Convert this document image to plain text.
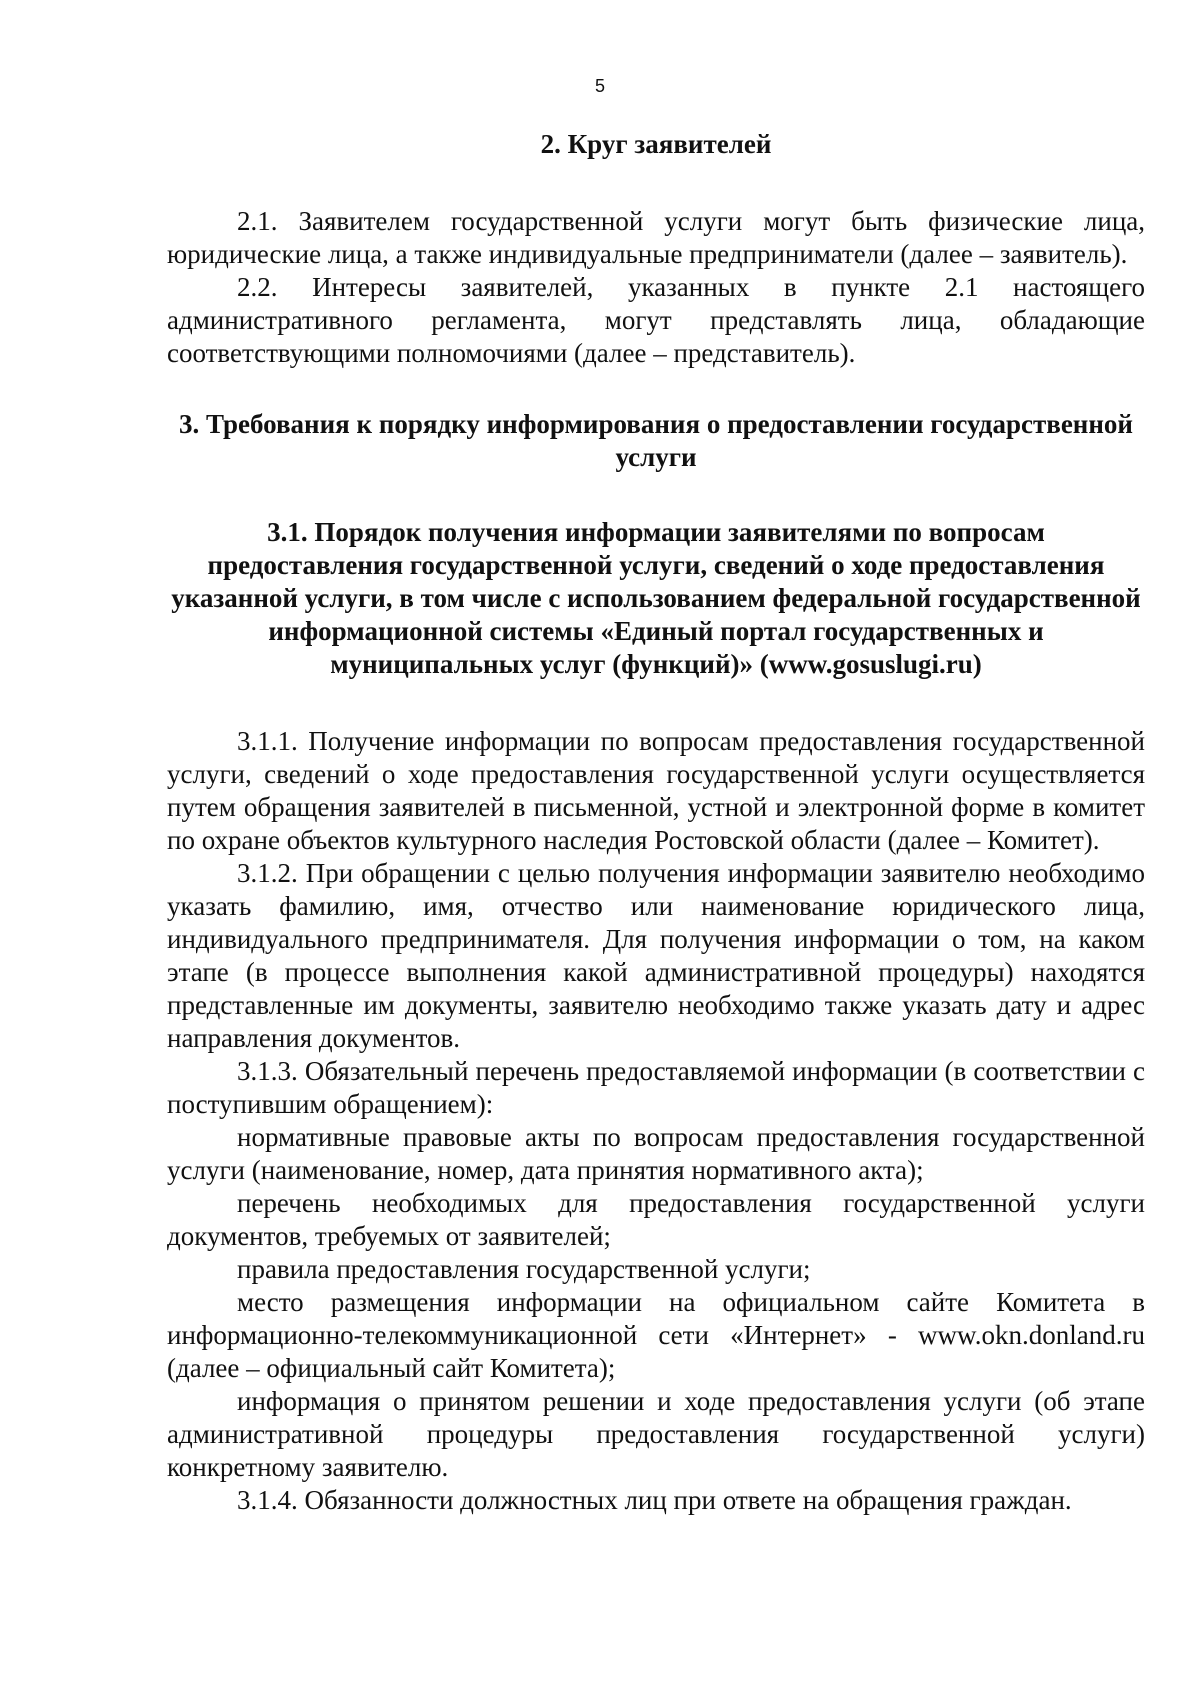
5
2. Круг заявителей

2.1. Заявителем государственной услуги могут быть физические лица, юридические лица, а также индивидуальные предприниматели (далее – заявитель).

2.2. Интересы заявителей, указанных в пункте 2.1 настоящего административного регламента, могут представлять лица, обладающие соответствующими полномочиями (далее – представитель).

3. Требования к порядку информирования о предоставлении государственной услуги
3.1. Порядок получения информации заявителями по вопросам предоставления государственной услуги, сведений о ходе предоставления указанной услуги, в том числе с использованием федеральной государственной информационной системы «Единый портал государственных и муниципальных услуг (функций)» (www.gosuslugi.ru)

3.1.1. Получение информации по вопросам предоставления государственной услуги, сведений о ходе предоставления государственной услуги осуществляется путем обращения заявителей в письменной, устной и электронной форме в комитет по охране объектов культурного наследия Ростовской области (далее – Комитет).

3.1.2. При обращении с целью получения информации заявителю необходимо указать фамилию, имя, отчество или наименование юридического лица, индивидуального предпринимателя. Для получения информации о том, на каком этапе (в процессе выполнения какой административной процедуры) находятся представленные им документы, заявителю необходимо также указать дату и адрес направления документов.

3.1.3. Обязательный перечень предоставляемой информации (в соответствии с поступившим обращением):

нормативные правовые акты по вопросам предоставления государственной услуги (наименование, номер, дата принятия нормативного акта);

перечень необходимых для предоставления государственной услуги документов, требуемых от заявителей;

правила предоставления государственной услуги;

место размещения информации на официальном сайте Комитета в информационно-телекоммуникационной сети «Интернет» - www.okn.donland.ru (далее – официальный сайт Комитета);

информация о принятом решении и ходе предоставления услуги (об этапе административной процедуры предоставления государственной услуги) конкретному заявителю.

3.1.4. Обязанности должностных лиц при ответе на обращения граждан.
